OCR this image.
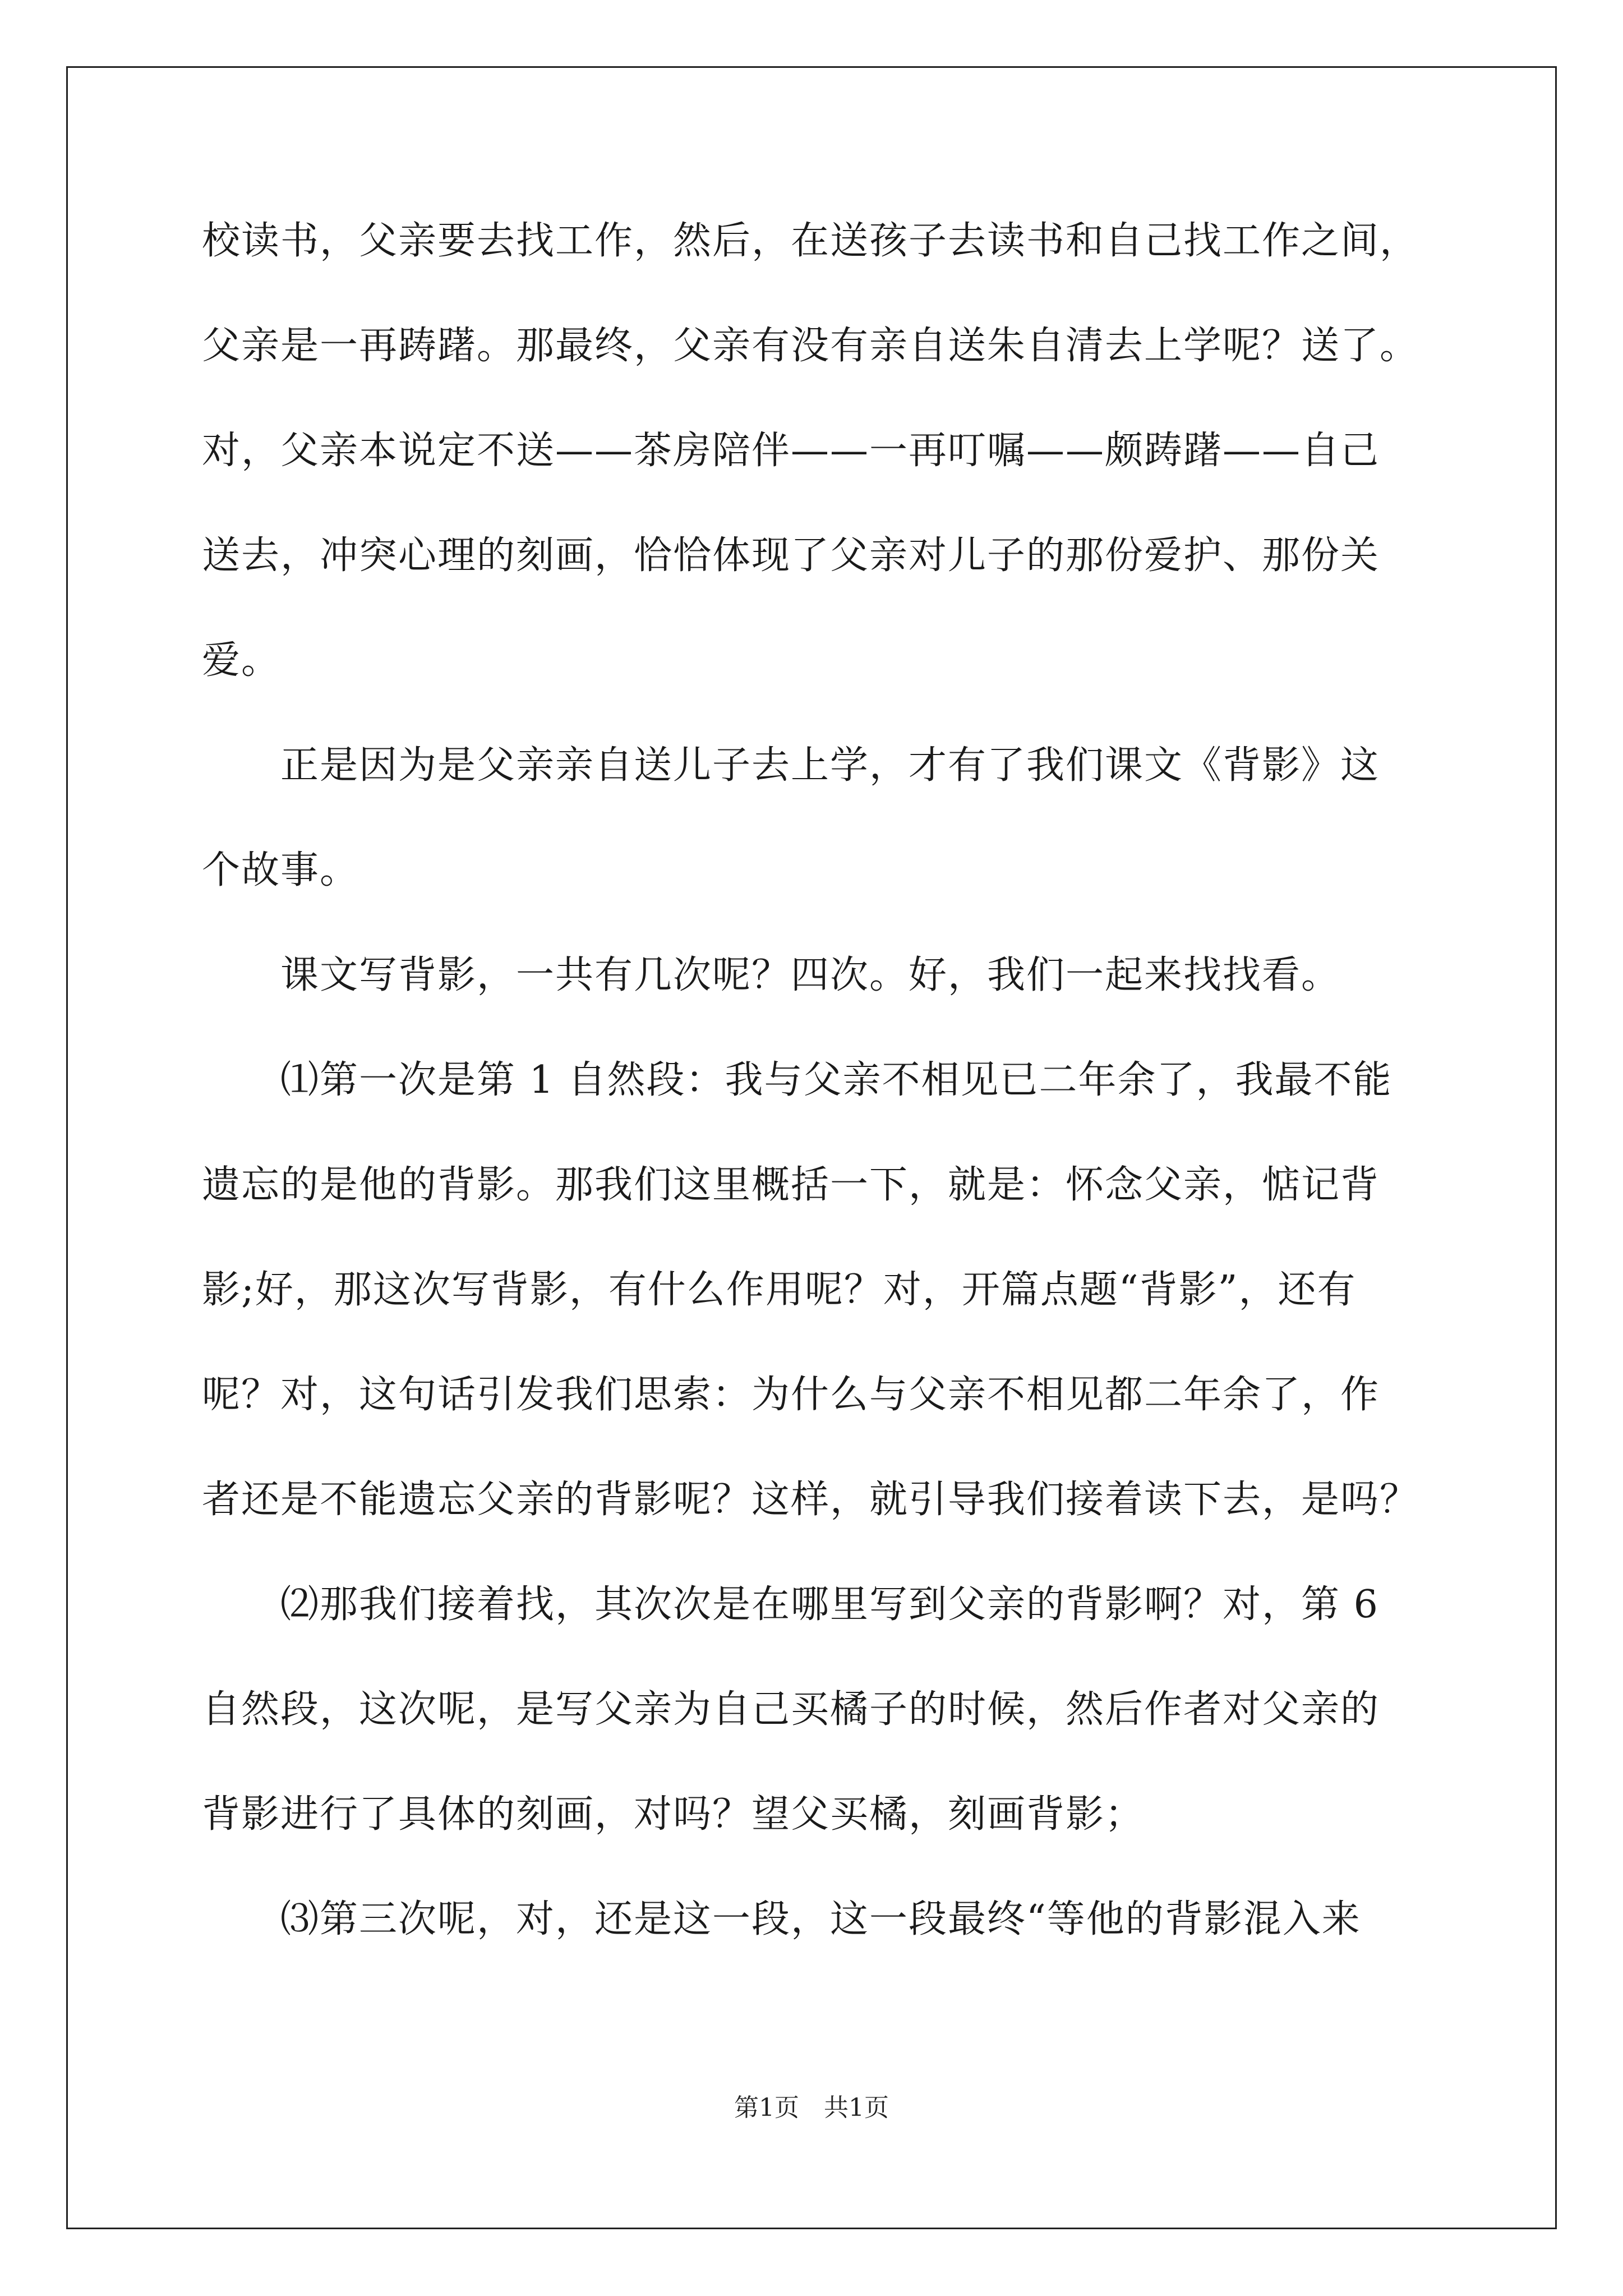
校读书，父亲要去找工作，然后，在送孩子去读书和自己找工作之间，
父亲是一再踌躇。那最终，父亲有没有亲自送朱自清去上学呢？送了。
对，父亲本说定不送——茶房陪伴——一再叮嘱——颇踌躇——自己
送去，冲突心理的刻画，恰恰体现了父亲对儿子的那份爱护、那份关
爱。
正是因为是父亲亲自送儿子去上学，才有了我们课文《背影》这
个故事。
课文写背影，一共有几次呢？四次。好，我们一起来找找看。
⑴第一次是第 1 自然段：我与父亲不相见已二年余了，我最不能
遗忘的是他的背影。那我们这里概括一下，就是：怀念父亲，惦记背
影;好，那这次写背影，有什么作用呢？对，开篇点题“背影”，还有
呢？对，这句话引发我们思索：为什么与父亲不相见都二年余了，作
者还是不能遗忘父亲的背影呢？这样，就引导我们接着读下去，是吗？
⑵那我们接着找，其次次是在哪里写到父亲的背影啊？对，第 6
自然段，这次呢，是写父亲为自己买橘子的时候，然后作者对父亲的
背影进行了具体的刻画，对吗？望父买橘，刻画背影；
⑶第三次呢，对，还是这一段，这一段最终“等他的背影混入来
第1页　共1页
